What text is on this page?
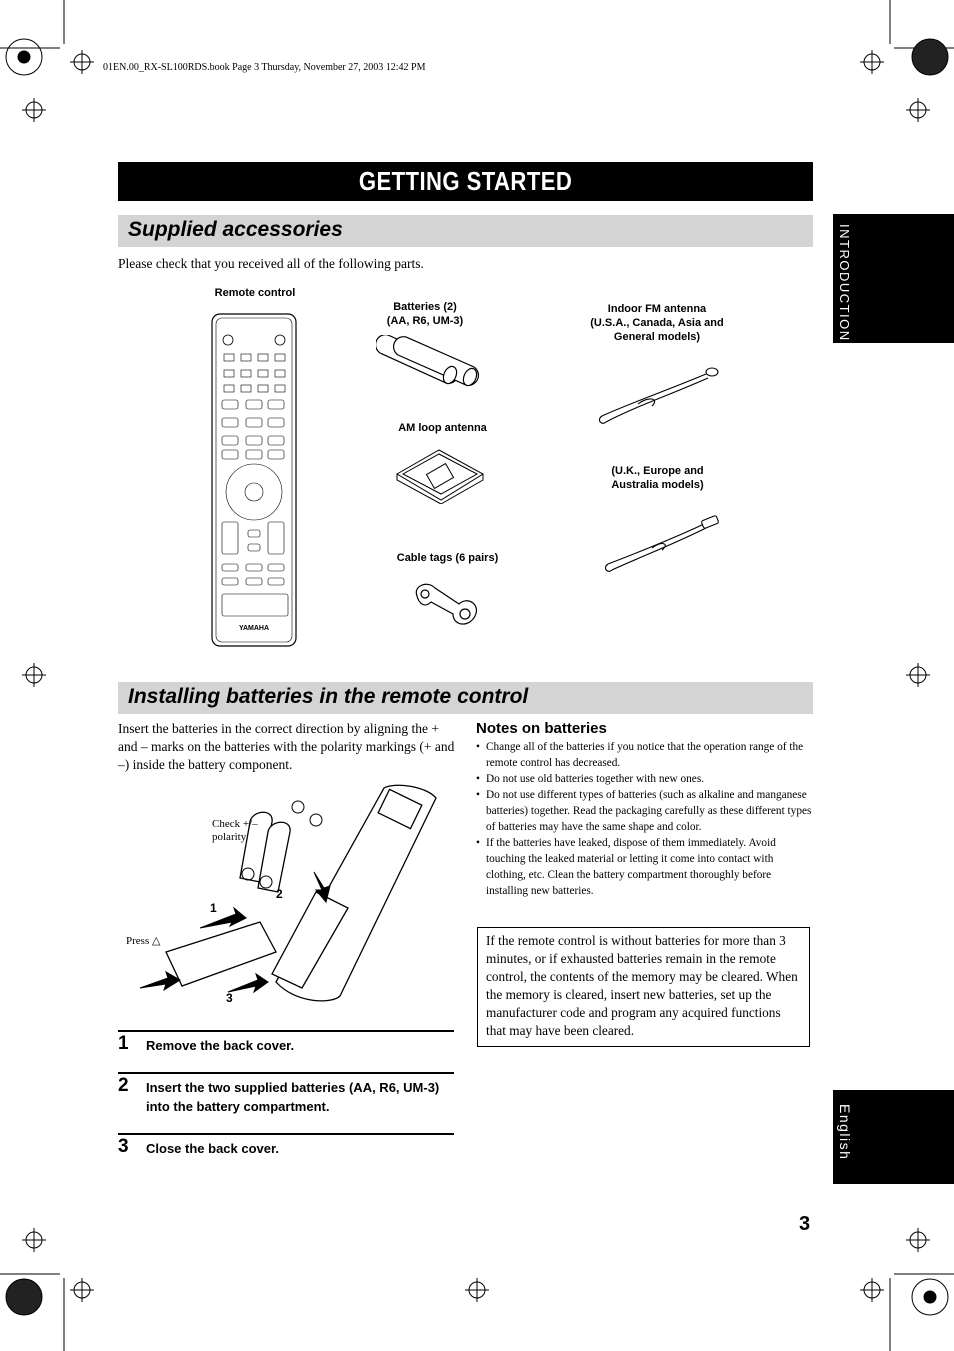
01EN.00_RX-SL100RDS.book Page 3 Thursday, November 27, 2003 12:42 PM
GETTING STARTED
INTRODUCTION
English
Supplied accessories
Please check that you received all of the following parts.
Remote control
YAMAHA
Batteries (2)
(AA, R6, UM-3)
AM loop antenna
Cable tags (6 pairs)
Indoor FM antenna
(U.S.A., Canada, Asia and
General models)
(U.K., Europe and
Australia models)
Installing batteries in the remote control
Insert the batteries in the correct direction by aligning the + and – marks on the batteries with the polarity markings (+ and –) inside the battery component.
Check +/– polarity
Press △
1
2
3
1 Remove the back cover.
2 Insert the two supplied batteries (AA, R6, UM-3) into the battery compartment.
3 Close the back cover.
Notes on batteries
• Change all of the batteries if you notice that the operation range of the remote control has decreased.
• Do not use old batteries together with new ones.
• Do not use different types of batteries (such as alkaline and manganese batteries) together. Read the packaging carefully as these different types of batteries may have the same shape and color.
• If the batteries have leaked, dispose of them immediately. Avoid touching the leaked material or letting it come into contact with clothing, etc. Clean the battery compartment thoroughly before installing new batteries.
If the remote control is without batteries for more than 3 minutes, or if exhausted batteries remain in the remote control, the contents of the memory may be cleared. When the memory is cleared, insert new batteries, set up the manufacturer code and program any acquired functions that may have been cleared.
3
